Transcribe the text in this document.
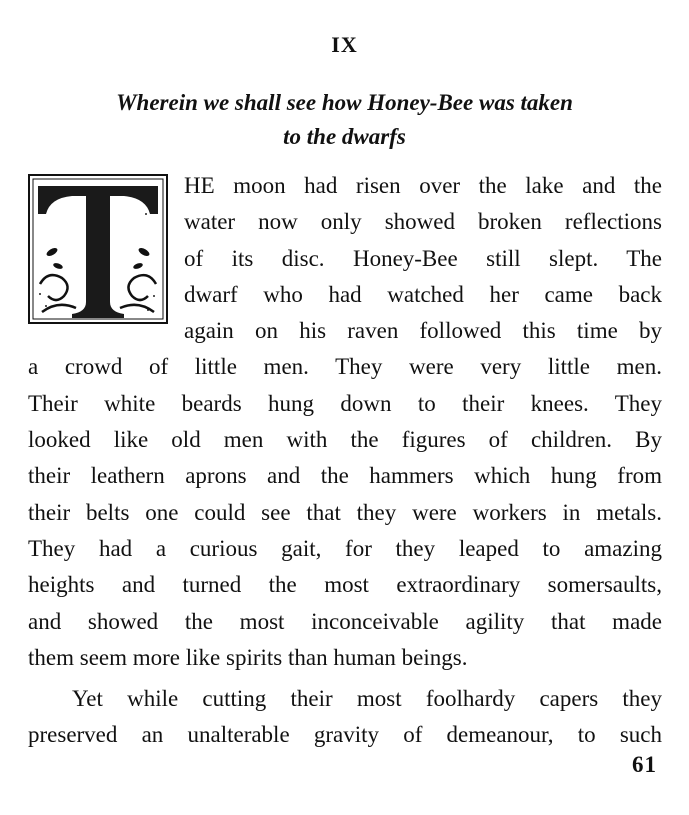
IX
Wherein we shall see how Honey-Bee was taken
to the dwarfs
HE moon had risen over the lake and the
water now only showed broken reflections
of its disc. Honey-Bee still slept. The
dwarf who had watched her came back
again on his raven followed this time by
a crowd of little men. They were very little men.
Their white beards hung down to their knees. They
looked like old men with the figures of children. By
their leathern aprons and the hammers which hung from
their belts one could see that they were workers in metals.
They had a curious gait, for they leaped to amazing
heights and turned the most extraordinary somersaults,
and showed the most inconceivable agility that made
them seem more like spirits than human beings.
Yet while cutting their most foolhardy capers they
preserved an unalterable gravity of demeanour, to such

61
